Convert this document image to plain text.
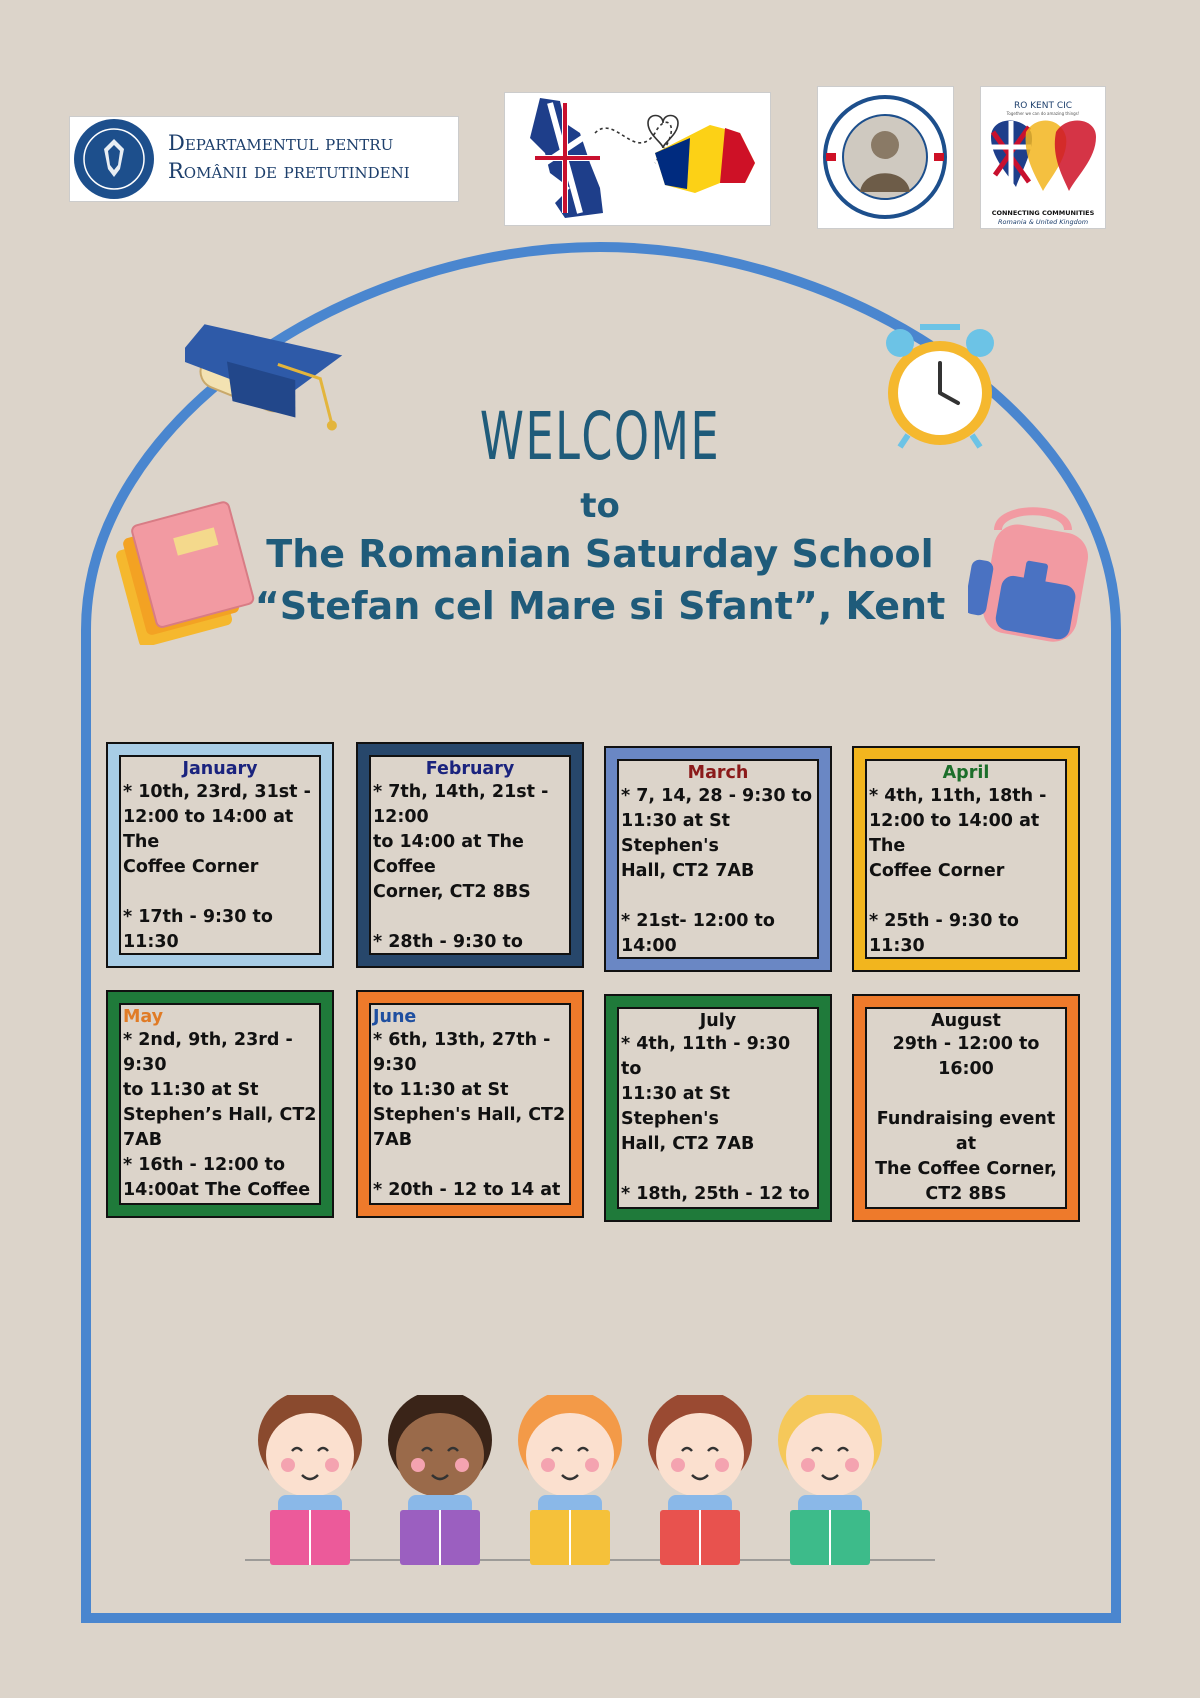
Departamentul pentru
Românii de pretutindeni
RO KENT CIC
Together we can do amazing things!
CONNECTING COMMUNITIES
Romania & United Kingdom
WELCOME
to
The Romanian Saturday School
“Stefan cel Mare si Sfant”, Kent
January
* 10th, 23rd, 31st -
12:00 to 14:00 at The
Coffee Corner

* 17th - 9:30 to 11:30

February
* 7th, 14th, 21st - 12:00
to 14:00 at The Coffee
Corner, CT2 8BS

* 28th - 9:30 to

March
* 7, 14, 28 - 9:30 to
11:30 at St Stephen's
Hall, CT2 7AB

* 21st- 12:00 to 14:00

April
* 4th, 11th, 18th -
12:00 to 14:00 at The
Coffee Corner

* 25th - 9:30 to 11:30

May
* 2nd, 9th, 23rd - 9:30
to 11:30 at St
Stephen’s Hall, CT2
7AB
* 16th - 12:00 to
14:00at The Coffee

June
* 6th, 13th, 27th - 9:30
to 11:30 at St
Stephen's Hall, CT2
7AB

* 20th - 12 to 14 at

July
* 4th, 11th - 9:30 to
11:30 at St Stephen's
Hall, CT2 7AB

* 18th, 25th - 12 to

August
29th - 12:00 to 16:00

Fundraising event at
The Coffee Corner,
CT2 8BS
